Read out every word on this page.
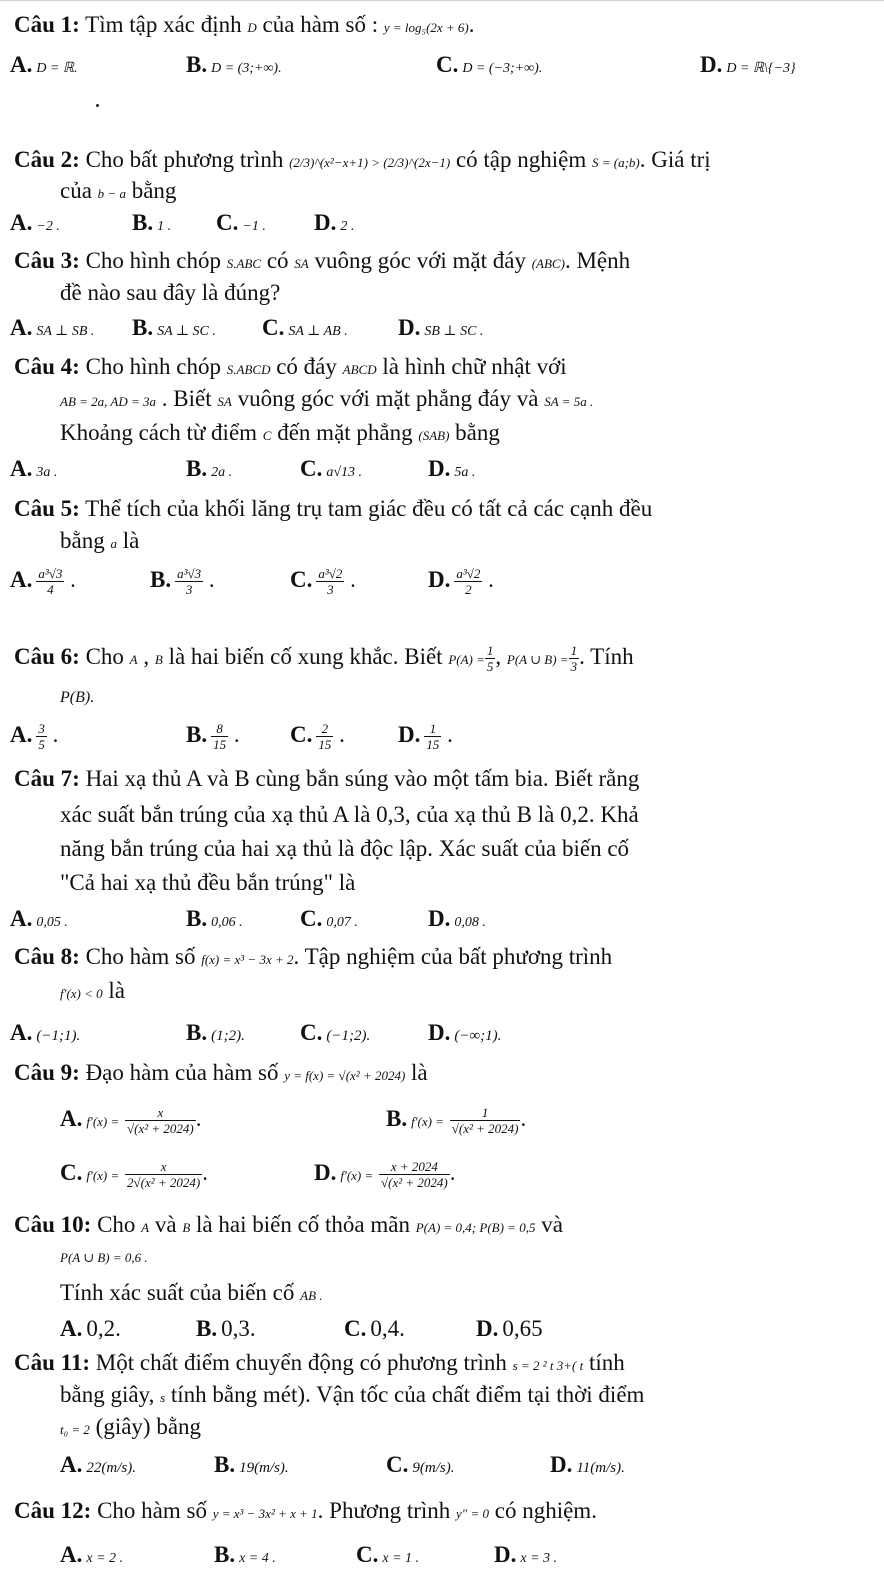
Câu 1: Tìm tập xác định D của hàm số : y = log₅(2x + 6).
A. D = ℝ.	B. D = (3;+∞).	C. D = (−3;+∞).	D. D = ℝ\{−3}
Câu 2: Cho bất phương trình (2/3)^(x²−x+1) > (2/3)^(2x−1) có tập nghiệm S = (a;b). Giá trị
của b − a bằng
A. −2 .	B. 1 . C. −1 . D. 2 .
Câu 3: Cho hình chóp S.ABC có SA vuông góc với mặt đáy (ABC). Mệnh
đề nào sau đây là đúng?
A. SA ⊥ SB . B. SA ⊥ SC . C. SA ⊥ AB . D. SB ⊥ SC .
Câu 4: Cho hình chóp S.ABCD có đáy ABCD là hình chữ nhật với
AB = 2a, AD = 3a . Biết SA vuông góc với mặt phẳng đáy và SA = 5a .
Khoảng cách từ điểm C đến mặt phẳng (SAB) bằng
A. 3a .	B. 2a .	C. a√13 .	D. 5a .
Câu 5: Thể tích của khối lăng trụ tam giác đều có tất cả các cạnh đều
bằng a là
A. $\frac{\text{a³√3}}{4}$ .	B. $\frac{\text{a³√3}}{3}$ .	C. $\frac{\text{a³√2}}{3}$ .	D. $\frac{\text{a³√2}}{2}$ .
Câu 6: Cho A , B là hai biến cố xung khắc. Biết $P(A) = \frac{1}{5}$ , P(A ∪ $B) = \frac{1}{3}$ . Tính
P(B).
A. $\frac{3}{5}$ .	B. $\frac{8}{15}$ . C. $\frac{2}{15}$ . D. $\frac{1}{15}$ .
Câu 7: Hai xạ thủ A và B cùng bắn súng vào một tấm bia. Biết rằng
xác suất bắn trúng của xạ thủ A là 0,3, của xạ thủ B là 0,2. Khả
năng bắn trúng của hai xạ thủ là độc lập. Xác suất của biến cố
"Cả hai xạ thủ đều bắn trúng" là
A. 0,05 .	B. 0,06 . C. 0,07 .	D. 0,08 .
Câu 8: Cho hàm số f(x) = x³ − 3x + 2. Tập nghiệm của bất phương trình
f′(x) < 0 là
A. (−1;1).	B. (1;2). C. (−1;2).	D. (−∞;1).
Câu 9: Đạo hàm của hàm số y = f(x) = √(x² + 2024) là
A. $f'(x) = \frac{x}{\text{√(x² + 2024)}}$ .	B. $f'(x) = \frac{1}{\text{√(x² + 2024)}}$ .
C. $f'(x) = \frac{x}{\text{2√(x² + 2024)}}$ .	D. $f'(x) = \frac{x + 2024}{\text{√(x² + 2024)}}$ .
Câu 10: Cho A và B là hai biến cố thỏa mãn P(A) = 0,4; P(B) = 0,5 và
P(A ∪ B) = 0,6 .
Tính xác suất của biến cố AB .
A. 0,2.	B. 0,3.	C. 0,4.	D. 0,65
Câu 11: Một chất điểm chuyển động có phương trình s = 2 ² t 3+( t tính
bằng giây, s tính bằng mét). Vận tốc của chất điểm tại thời điểm
t₀ = 2 (giây) bằng
A. 22(m/s).	B. 19(m/s).	C. 9(m/s).	D. 11(m/s).
Câu 12: Cho hàm số y = x³ − 3x² + x + 1. Phương trình y″ = 0 có nghiệm.
A. x = 2 .	B. x = 4 .	C. x = 1 .	D. x = 3 .
